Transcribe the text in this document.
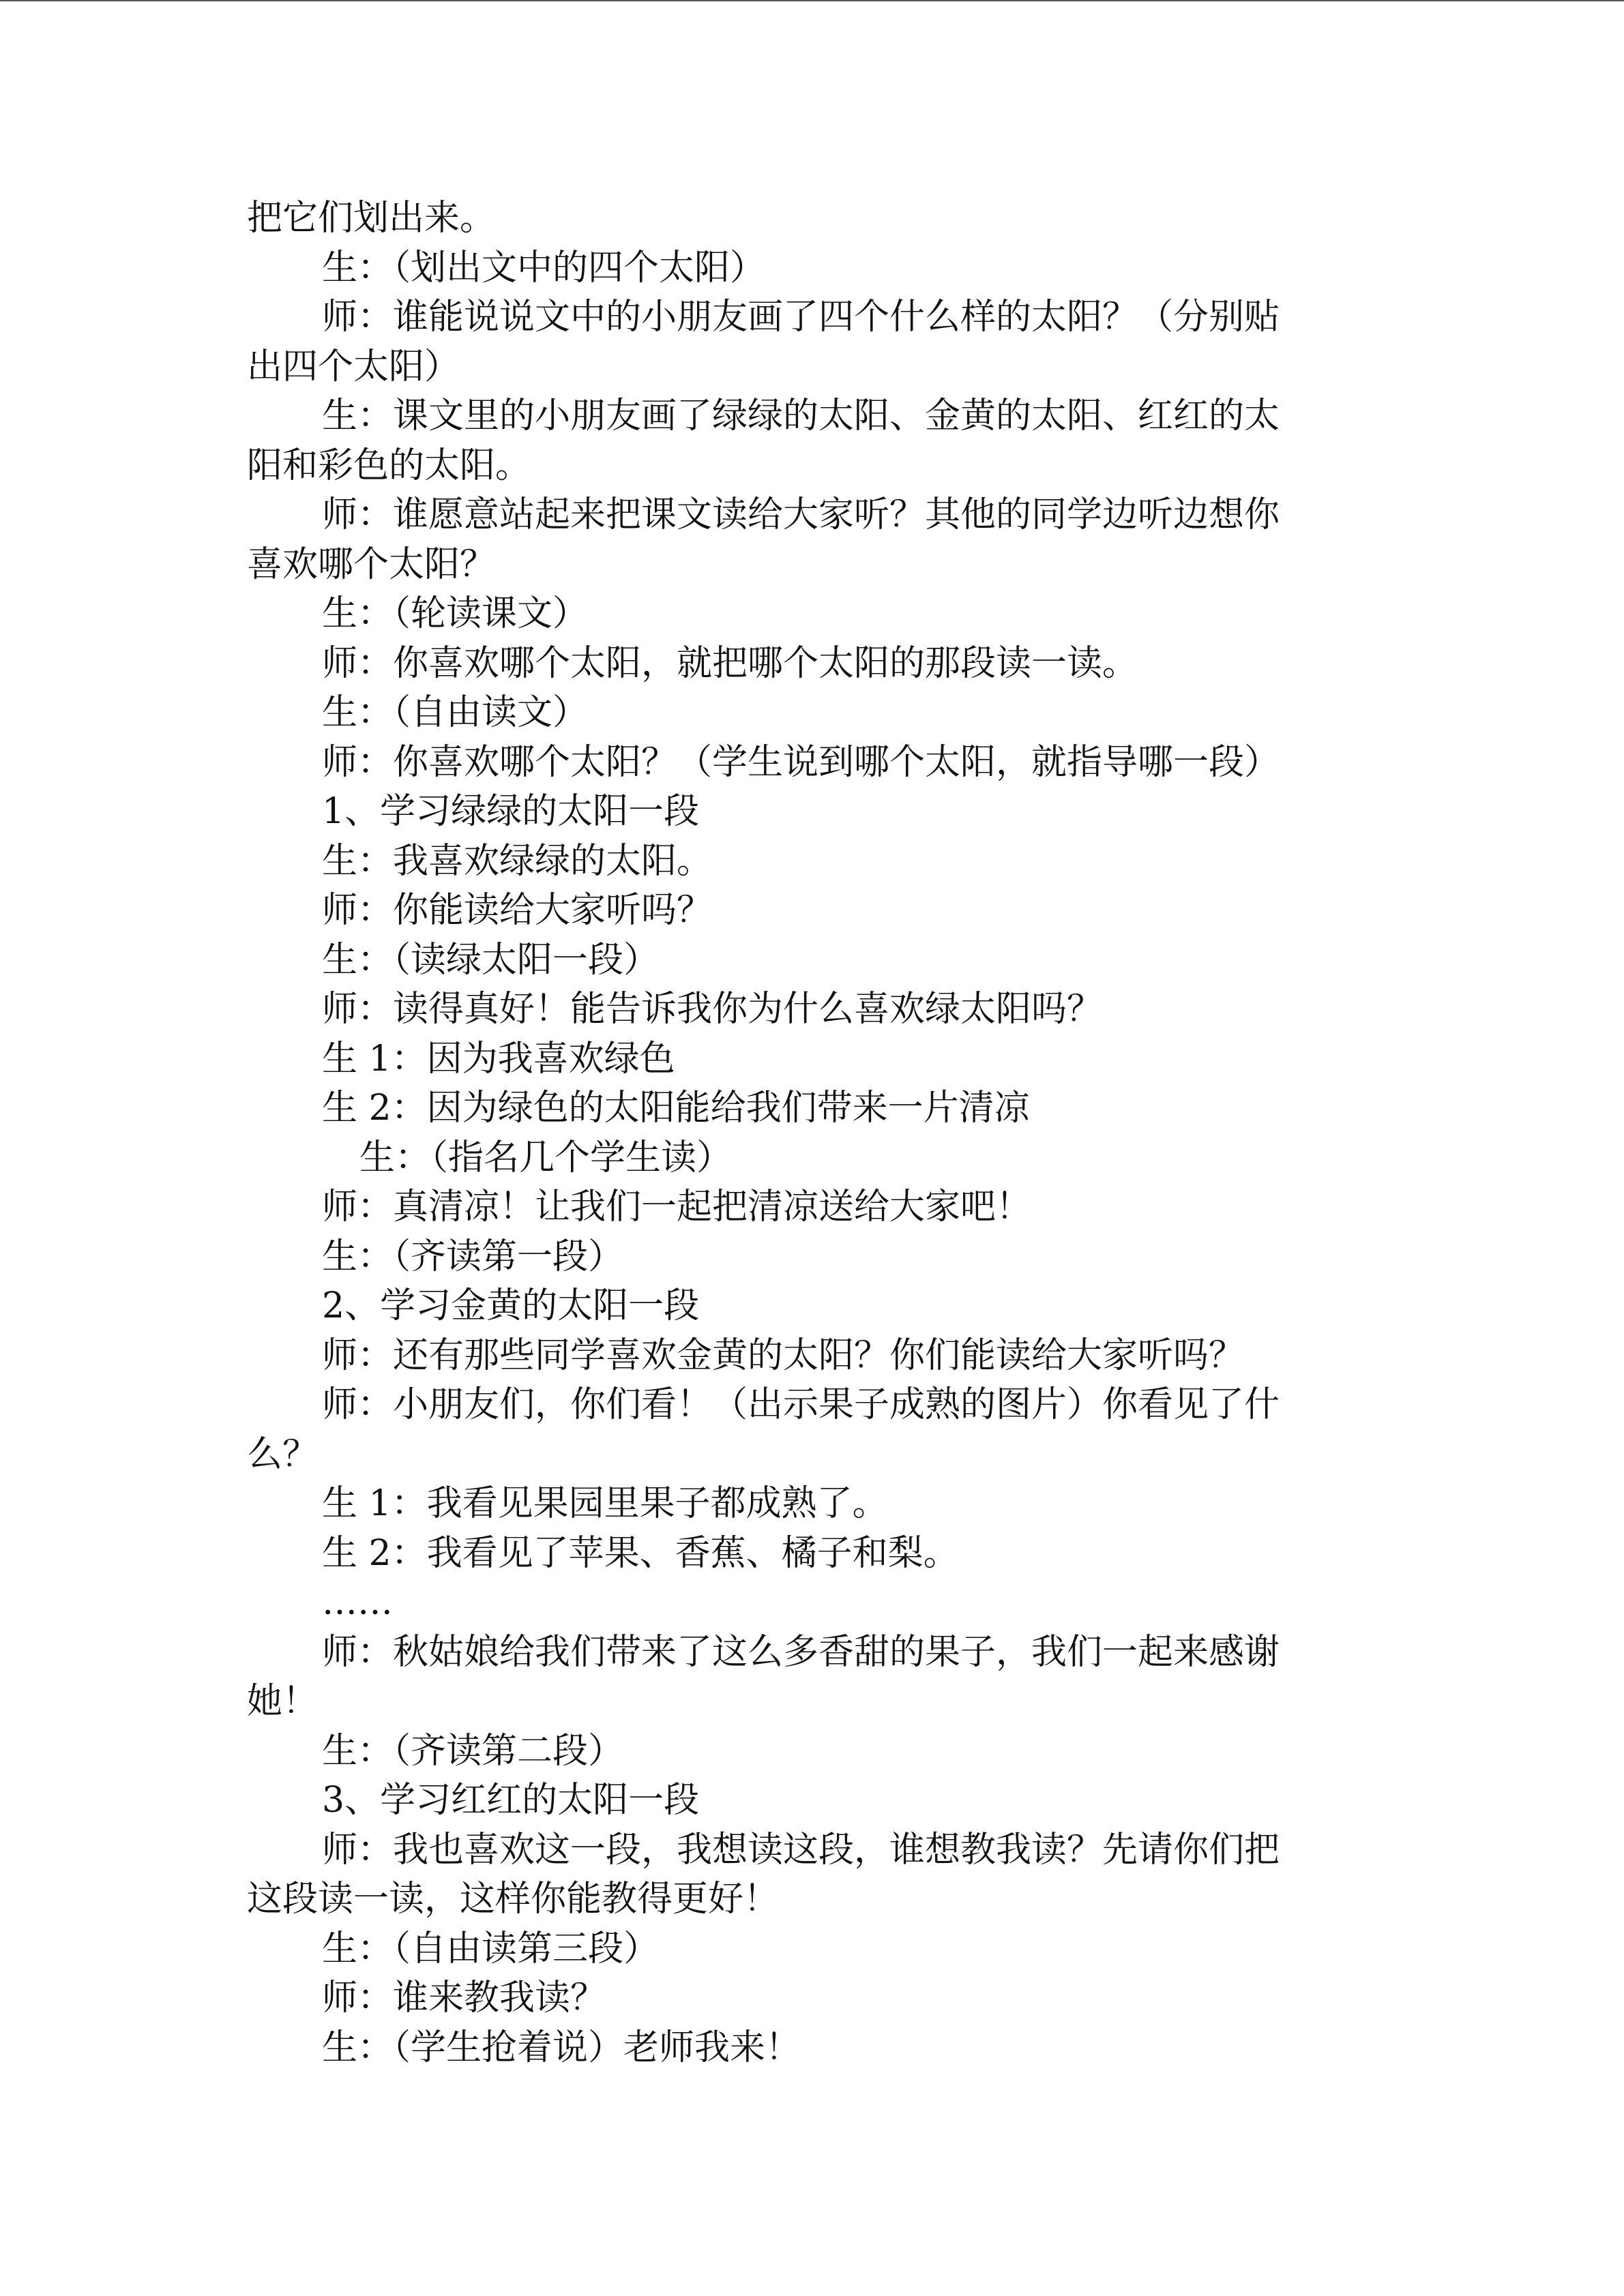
把它们划出来。
生：（划出文中的四个太阳）
师：谁能说说文中的小朋友画了四个什么样的太阳？（分别贴
出四个太阳）
生：课文里的小朋友画了绿绿的太阳、金黄的太阳、红红的太
阳和彩色的太阳。
师：谁愿意站起来把课文读给大家听？其他的同学边听边想你
喜欢哪个太阳？
生：（轮读课文）
师：你喜欢哪个太阳，就把哪个太阳的那段读一读。
生：（自由读文）
师：你喜欢哪个太阳？（学生说到哪个太阳，就指导哪一段）
1、学习绿绿的太阳一段
生：我喜欢绿绿的太阳。
师：你能读给大家听吗？
生：（读绿太阳一段）
师：读得真好！能告诉我你为什么喜欢绿太阳吗？
生 1：因为我喜欢绿色
生 2：因为绿色的太阳能给我们带来一片清凉
生：（指名几个学生读）
师：真清凉！让我们一起把清凉送给大家吧！
生：（齐读第一段）
2、学习金黄的太阳一段
师：还有那些同学喜欢金黄的太阳？你们能读给大家听吗？
师：小朋友们，你们看！（出示果子成熟的图片）你看见了什
么？
生 1：我看见果园里果子都成熟了。
生 2：我看见了苹果、香蕉、橘子和梨。
……
师：秋姑娘给我们带来了这么多香甜的果子，我们一起来感谢
她！
生：（齐读第二段）
3、学习红红的太阳一段
师：我也喜欢这一段，我想读这段，谁想教我读？先请你们把
这段读一读，这样你能教得更好！
生：（自由读第三段）
师：谁来教我读？
生：（学生抢着说）老师我来！
